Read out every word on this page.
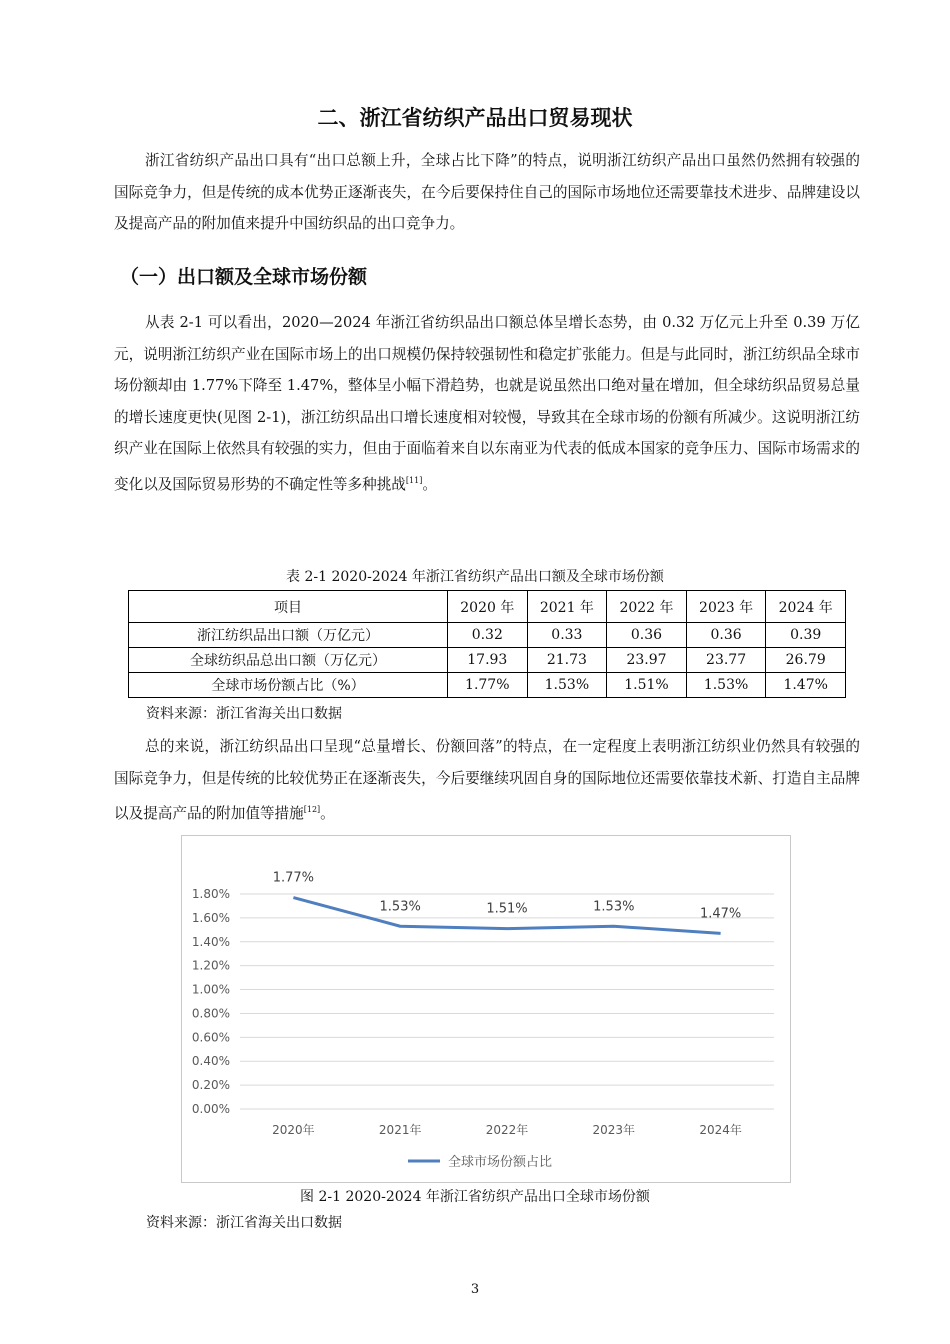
二、浙江省纺织产品出口贸易现状

浙江省纺织产品出口具有“出口总额上升，全球占比下降”的特点，说明浙江纺织产品出口虽然仍然拥有较强的国际竞争力，但是传统的成本优势正逐渐丧失，在今后要保持住自己的国际市场地位还需要靠技术进步、品牌建设以及提高产品的附加值来提升中国纺织品的出口竞争力。

（一）出口额及全球市场份额

从表 2-1 可以看出，2020—2024 年浙江省纺织品出口额总体呈增长态势，由 0.32 万亿元上升至 0.39 万亿元，说明浙江纺织产业在国际市场上的出口规模仍保持较强韧性和稳定扩张能力。但是与此同时，浙江纺织品全球市场份额却由 1.77%下降至 1.47%，整体呈小幅下滑趋势，也就是说虽然出口绝对量在增加，但全球纺织品贸易总量的增长速度更快(见图 2-1)，浙江纺织品出口增长速度相对较慢，导致其在全球市场的份额有所减少。这说明浙江纺织产业在国际上依然具有较强的实力，但由于面临着来自以东南亚为代表的低成本国家的竞争压力、国际市场需求的变化以及国际贸易形势的不确定性等多种挑战[11]。

表 2-1 2020-2024 年浙江省纺织产品出口额及全球市场份额
项目	2020 年	2021 年	2022 年	2023 年	2024 年
浙江纺织品出口额（万亿元）	0.32	0.33	0.36	0.36	0.39
全球纺织品总出口额（万亿元）	17.93	21.73	23.97	23.77	26.79
全球市场份额占比（%）	1.77%	1.53%	1.51%	1.53%	1.47%
资料来源：浙江省海关出口数据

总的来说，浙江纺织品出口呈现“总量增长、份额回落”的特点，在一定程度上表明浙江纺织业仍然具有较强的国际竞争力，但是传统的比较优势正在逐渐丧失，今后要继续巩固自身的国际地位还需要依靠技术新、打造自主品牌以及提高产品的附加值等措施[12]。

0.00%
0.20%
0.40%
0.60%
0.80%
1.00%
1.20%
1.40%
1.60%
1.80%
2020年	2021年	2022年	2023年	2024年
1.77%
1.53%	1.51%	1.53%	1.47%
全球市场份额占比
图 2-1 2020-2024 年浙江省纺织产品出口全球市场份额
资料来源：浙江省海关出口数据
3
